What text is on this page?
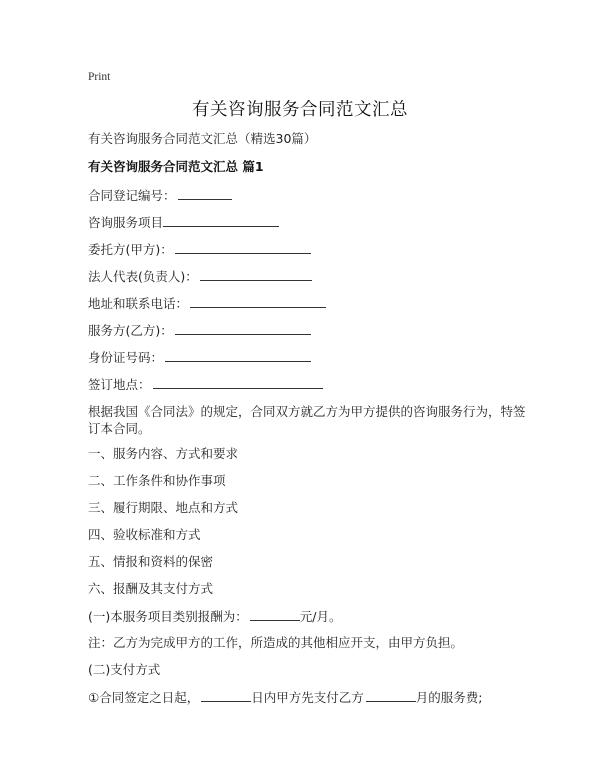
Print
有关咨询服务合同范文汇总
有关咨询服务合同范文汇总（精选30篇）
有关咨询服务合同范文汇总 篇1
合同登记编号：
咨询服务项目
委托方(甲方)：
法人代表(负责人)：
地址和联系电话：
服务方(乙方)：
身份证号码：
签订地点：
根据我国《合同法》的规定，合同双方就乙方为甲方提供的咨询服务行为，特签订本合同。
一、服务内容、方式和要求
二、工作条件和协作事项
三、履行期限、地点和方式
四、验收标准和方式
五、情报和资料的保密
六、报酬及其支付方式
(一)本服务项目类别报酬为：	元/月。
注：乙方为完成甲方的工作，所造成的其他相应开支，由甲方负担。
(二)支付方式
①合同签定之日起，	日内甲方先支付乙方	月的服务费;
